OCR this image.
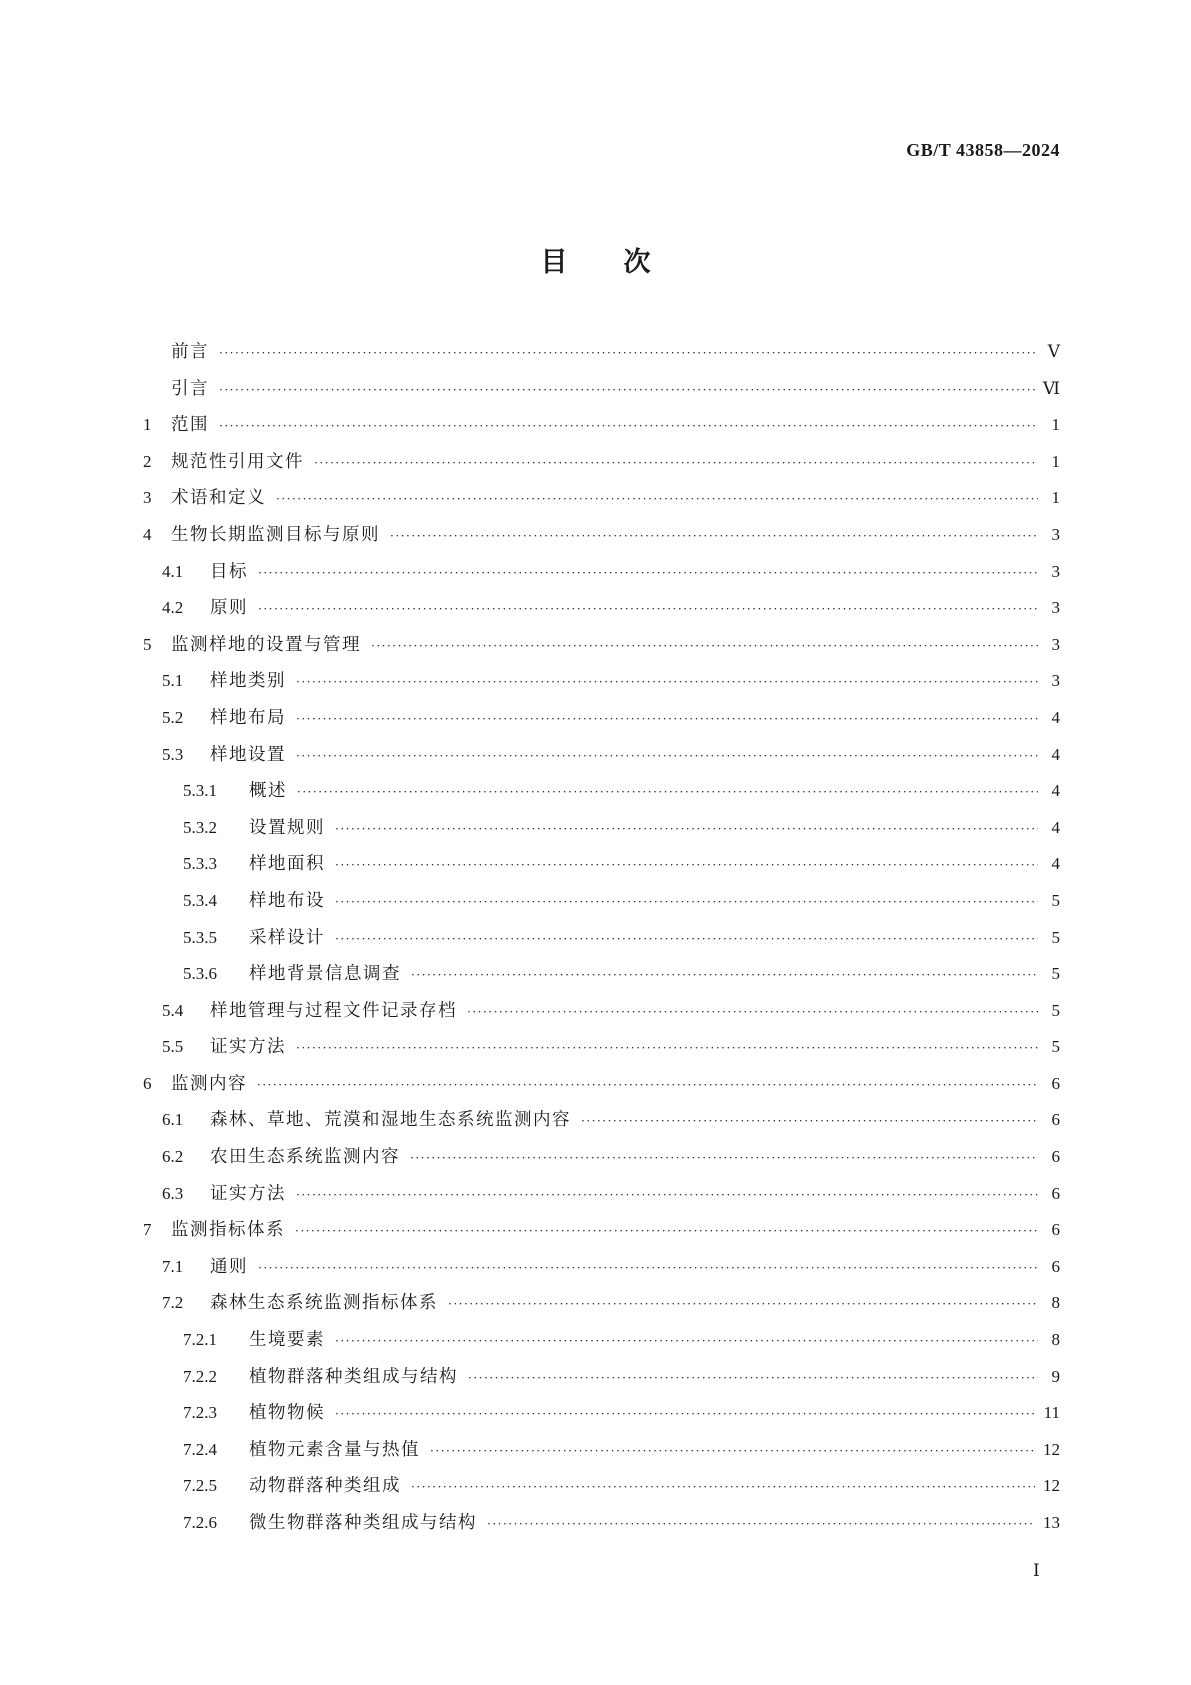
GB/T 43858—2024

目次
前言 ·····	Ⅴ
引言 ·····	Ⅵ
1	范围 ·····	1
2	规范性引用文件 ·····	1
3	术语和定义 ·····	1
4	生物长期监测目标与原则 ·····	3
4.1	目标 ·····	3
4.2	原则 ·····	3
5	监测样地的设置与管理 ·····	3
5.1	样地类别 ·····	3
5.2	样地布局 ·····	4
5.3	样地设置 ·····	4
5.3.1	概述 ·····	4
5.3.2	设置规则 ·····	4
5.3.3	样地面积 ·····	4
5.3.4	样地布设 ·····	5
5.3.5	采样设计 ·····	5
5.3.6	样地背景信息调查 ·····	5
5.4	样地管理与过程文件记录存档 ·····	5
5.5	证实方法 ·····	5
6	监测内容 ·····	6
6.1	森林、草地、荒漠和湿地生态系统监测内容 ·····	6
6.2	农田生态系统监测内容 ·····	6
6.3	证实方法 ·····	6
7	监测指标体系 ·····	6
7.1	通则 ·····	6
7.2	森林生态系统监测指标体系 ·····	8
7.2.1	生境要素 ·····	8
7.2.2	植物群落种类组成与结构 ·····	9
7.2.3	植物物候 ·····	11
7.2.4	植物元素含量与热值 ·····	12
7.2.5	动物群落种类组成 ·····	12
7.2.6	微生物群落种类组成与结构 ·····	13

Ⅰ
